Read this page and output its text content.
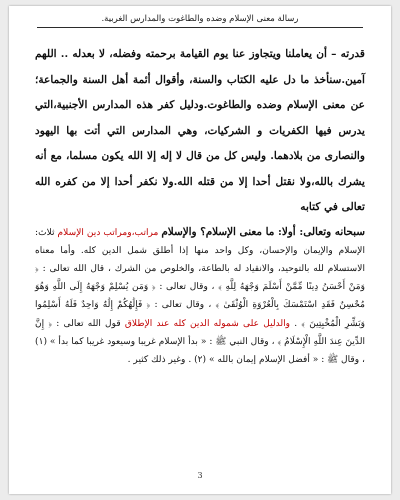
رسالة معنى الإسلام وضده والطاغوت والمدارس الغربية.

قدرته – أن يعاملنا ويتجاوز عنا يوم القيامة برحمته وفضله، لا بعدله .. اللهم آمين.سنأخذ ما دل عليه الكتاب والسنة، وأقوال أئمة أهل السنة والجماعة؛عن معنى الإسلام وضده والطاغوت.ودليل كفر هذه المدارس الأجنبية،التي يدرس فيها الكفريات و الشركيات، وهي المدارس التي أتت بها اليهود والنصارى من بلادهما. وليس كل من قال لا إله إلا الله يكون مسلما، مع أنه يشرك بالله،ولا نقتل أحدا إلا من قتله الله.ولا نكفر أحدا إلا من كفره الله تعالى في كتابه

سبحانه وتعالى: أولا: ما معنى الإسلام؟ والإسلام مراتب،ومراتب دين الإسلام ثلاث: الإسلام والإيمان والإحسان، وكل واحد منها إذا أطلق شمل الدين كله. وأما معناه الاستسلام لله بالتوحيد، والانقياد له بالطاعة، والخلوص من الشرك ، قال الله تعالى : ﴿ وَمَنْ أَحْسَنُ دِينًا مِّمَّنْ أَسْلَمَ وَجْهَهُ لِلَّهِ ﴾ ، وقال تعالى : ﴿ وَمَن يُسْلِمْ وَجْهَهُ إِلَى اللَّهِ وَهُوَ مُحْسِنٌ فَقَدِ اسْتَمْسَكَ بِالْعُرْوَةِ الْوُثْقَىٰ ﴾ ، وقال تعالى : ﴿ فَإِلَٰهُكُمْ إِلَٰهٌ وَاحِدٌ فَلَهُ أَسْلِمُوا وَبَشِّرِ الْمُخْبِتِينَ ﴾ . والدليل على شموله الدين كله عند الإطلاق قول الله تعالى : ﴿ إِنَّ الدِّينَ عِندَ اللَّهِ الْإِسْلَامُ ﴾ ، وقال النبي ﷺ : « بدأ الإسلام غريبا وسيعود غريبا كما بدأ » (١) ، وقال ﷺ : « أفضل الإسلام إيمان بالله » (٢) . وغير ذلك كثير .

3
